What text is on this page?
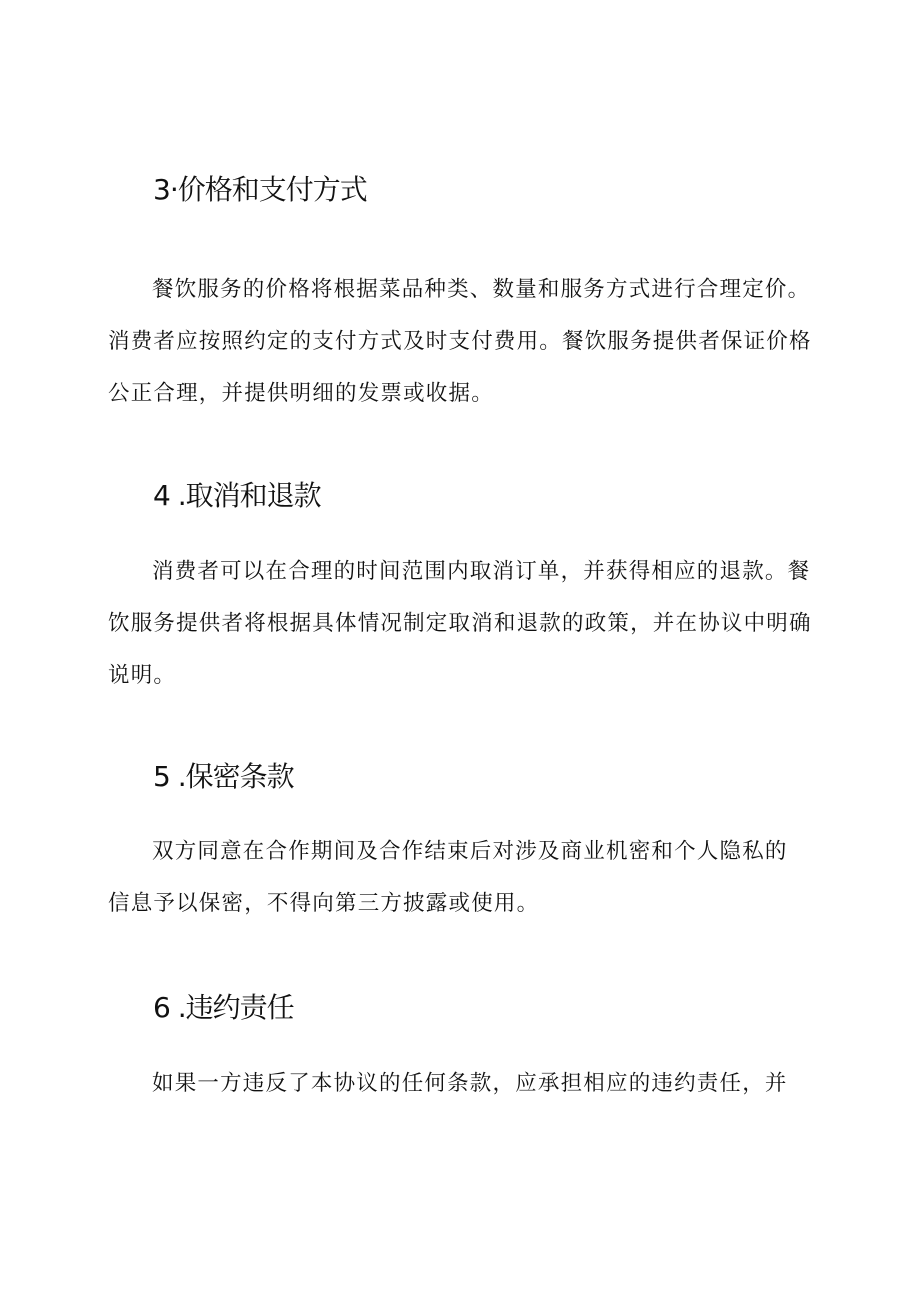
3·价格和支付方式

餐饮服务的价格将根据菜品种类、数量和服务方式进行合理定价。
消费者应按照约定的支付方式及时支付费用。餐饮服务提供者保证价格
公正合理，并提供明细的发票或收据。

4 .取消和退款

消费者可以在合理的时间范围内取消订单，并获得相应的退款。餐
饮服务提供者将根据具体情况制定取消和退款的政策，并在协议中明确
说明。

5 .保密条款

双方同意在合作期间及合作结束后对涉及商业机密和个人隐私的
信息予以保密，不得向第三方披露或使用。

6 .违约责任

如果一方违反了本协议的任何条款，应承担相应的违约责任，并
